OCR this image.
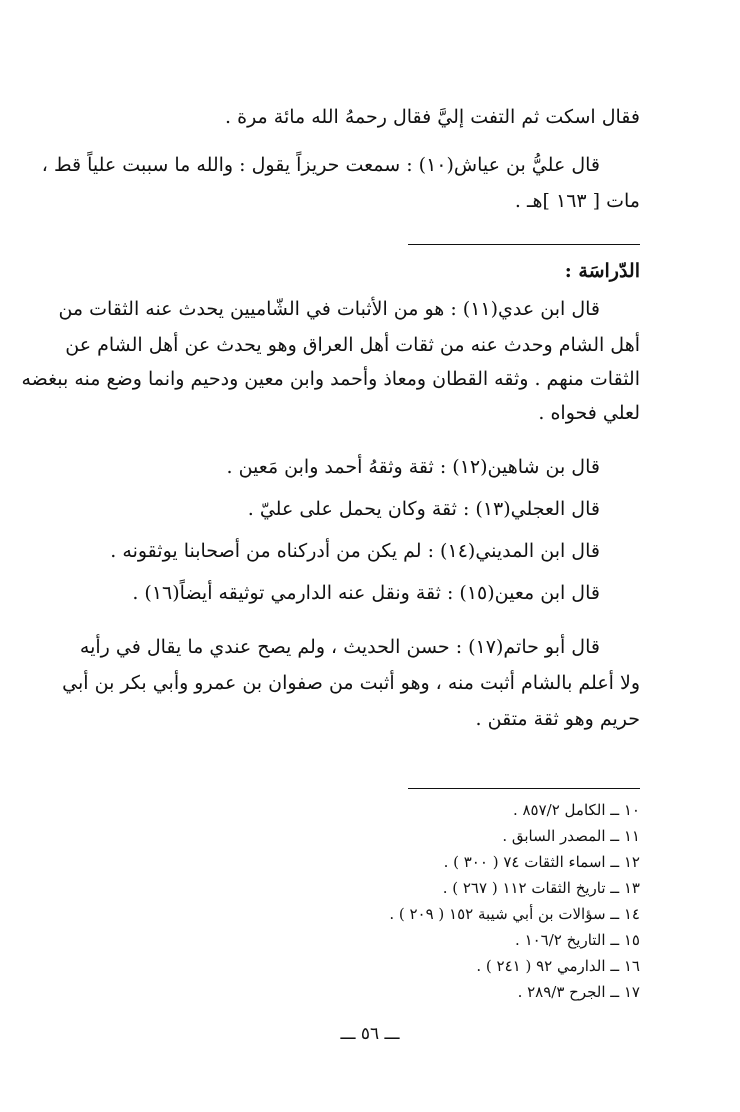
فقال اسكت ثم التفت إليَّ فقال رحمهُ الله مائة مرة .
قال عليُّ بن عياش(١٠) : سمعت حريزاً يقول : والله ما سببت علياً قط ،
مات [ ١٦٣ ]هـ .
الدّراسَة :
قال ابن عدي(١١) : هو من الأثبات في الشّاميين يحدث عنه الثقات من
أهل الشام وحدث عنه من ثقات أهل العراق وهو يحدث عن أهل الشام عن
الثقات منهم . وثقه القطان ومعاذ وأحمد وابن معين ودحيم وانما وضع منه ببغضه
لعلي فحواه .
قال بن شاهين(١٢) : ثقة وثقهُ أحمد وابن مَعين .
قال العجلي(١٣) : ثقة وكان يحمل على عليّ .
قال ابن المديني(١٤) : لم يكن من أدركناه من أصحابنا يوثقونه .
قال ابن معين(١٥) : ثقة ونقل عنه الدارمي توثيقه أيضاً(١٦) .
قال أبو حاتم(١٧) : حسن الحديث ، ولم يصح عندي ما يقال في رأيه
ولا أعلم بالشام أثبت منه ، وهو أثبت من صفوان بن عمرو وأبي بكر بن أبي
حريم وهو ثقة متقن .
١٠ ــ الكامل ٨٥٧/٢ .
١١ ــ المصدر السابق .
١٢ ــ اسماء الثقات ٧٤ ( ٣٠٠ ) .
١٣ ــ تاريخ الثقات ١١٢ ( ٢٦٧ ) .
١٤ ــ سؤالات بن أبي شيبة ١٥٢ ( ٢٠٩ ) .
١٥ ــ التاريخ ١٠٦/٢ .
١٦ ــ الدارمي ٩٢ ( ٢٤١ ) .
١٧ ــ الجرح ٢٨٩/٣ .
ـــ ٥٦ ـــ
